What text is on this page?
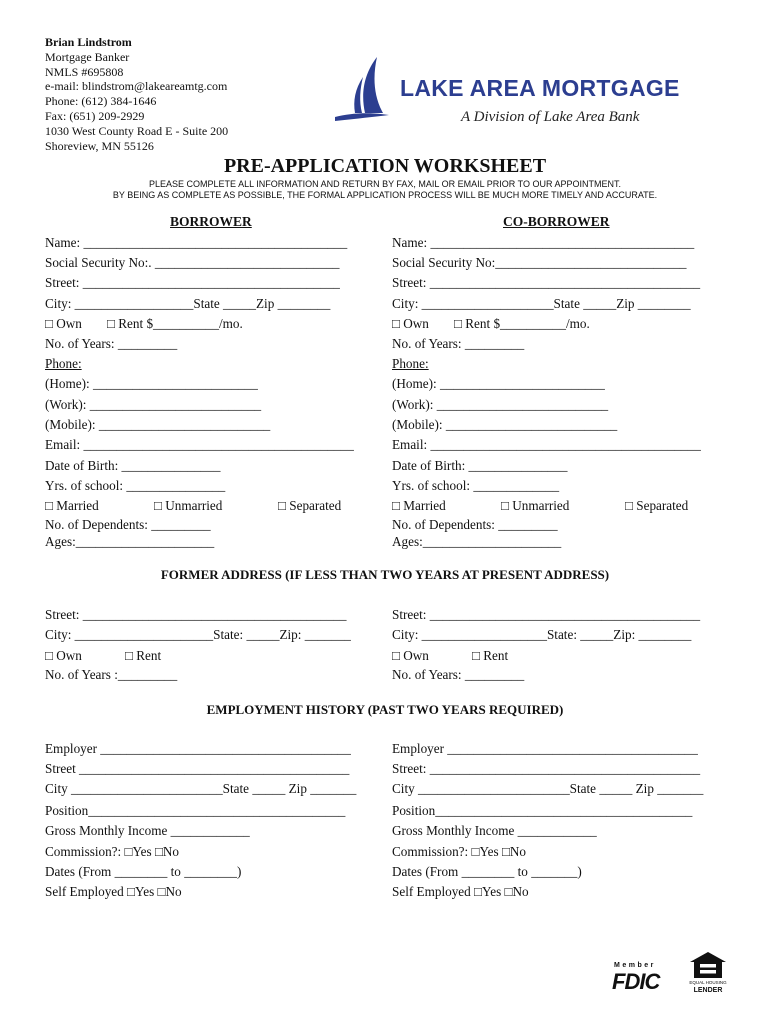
Brian Lindstrom
Mortgage Banker
NMLS #695808
e-mail: blindstrom@lakeareamtg.com
Phone: (612) 384-1646
Fax: (651) 209-2929
1030 West County Road E - Suite 200
Shoreview, MN 55126
LAKE AREA MORTGAGE
A Division of Lake Area Bank
PRE-APPLICATION WORKSHEET
PLEASE COMPLETE ALL INFORMATION AND RETURN BY FAX, MAIL OR EMAIL PRIOR TO OUR APPOINTMENT.
BY BEING AS COMPLETE AS POSSIBLE, THE FORMAL APPLICATION PROCESS WILL BE MUCH MORE TIMELY AND ACCURATE.
BORROWER	CO-BORROWER
Name: ________________________________________
Social Security No:. ____________________________
Street: _______________________________________
City: __________________State _____Zip ________
□ Own □ Rent $__________/mo.
No. of Years: _________
Phone:
(Home): _________________________
(Work): __________________________
(Mobile): __________________________
Email: _________________________________________
Date of Birth: _______________
Yrs. of school: _______________
□ Married	□ Unmarried	□ Separated
No. of Dependents: _________
Ages:_____________________
Name: ________________________________________
Social Security No:_____________________________
Street: _________________________________________
City: ____________________State _____Zip ________
□ Own □ Rent $__________/mo.
No. of Years: _________
Phone:
(Home): _________________________
(Work): __________________________
(Mobile): __________________________
Email: _________________________________________
Date of Birth: _______________
Yrs. of school: _____________
□ Married	□ Unmarried	□ Separated
No. of Dependents: _________
Ages:_____________________
FORMER ADDRESS (IF LESS THAN TWO YEARS AT PRESENT ADDRESS)
Street: ________________________________________
City: _____________________State: _____Zip: _______
□ Own	□ Rent
No. of Years :_________
Street: _________________________________________
City: ___________________State: _____Zip: ________
□ Own	□ Rent
No. of Years: _________
EMPLOYMENT HISTORY (PAST TWO YEARS REQUIRED)
Employer ______________________________________
Street _________________________________________
City _______________________State _____ Zip _______
Position_______________________________________
Gross Monthly Income ____________
Commission?: □Yes □No
Dates (From ________ to ________)
Self Employed □Yes □No
Employer ______________________________________
Street: _________________________________________
City _______________________State _____ Zip _______
Position_______________________________________
Gross Monthly Income ____________
Commission?: □Yes □No
Dates (From ________ to _______)
Self Employed □Yes □No
Member
FDIC	EQUAL HOUSING
LENDER
